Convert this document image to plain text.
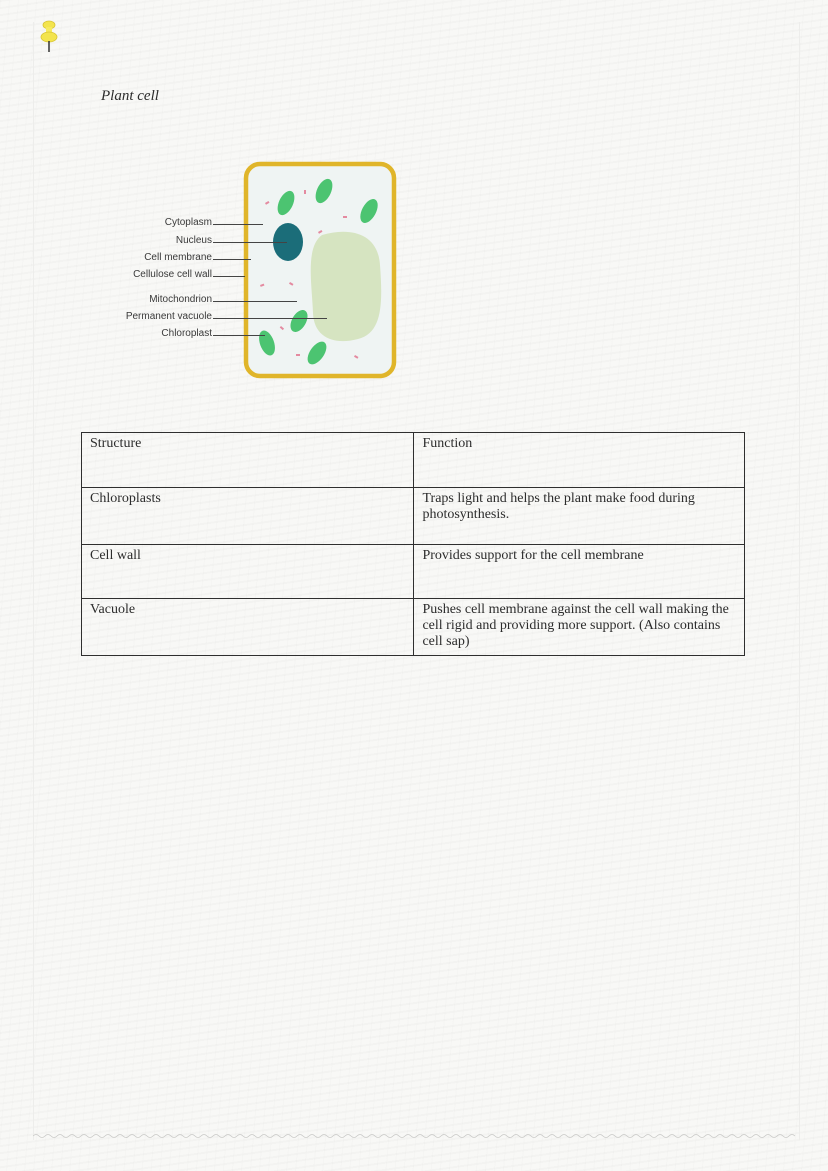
Plant cell
Cytoplasm
Nucleus
Cell membrane
Cellulose cell wall
Mitochondrion
Permanent vacuole
Chloroplast
Structure	Function
Chloroplasts	Traps light and helps the plant make food during photosynthesis.
Cell wall	Provides support for the cell membrane
Vacuole	Pushes cell membrane against the cell wall making the cell rigid and providing more support. (Also contains cell sap)
